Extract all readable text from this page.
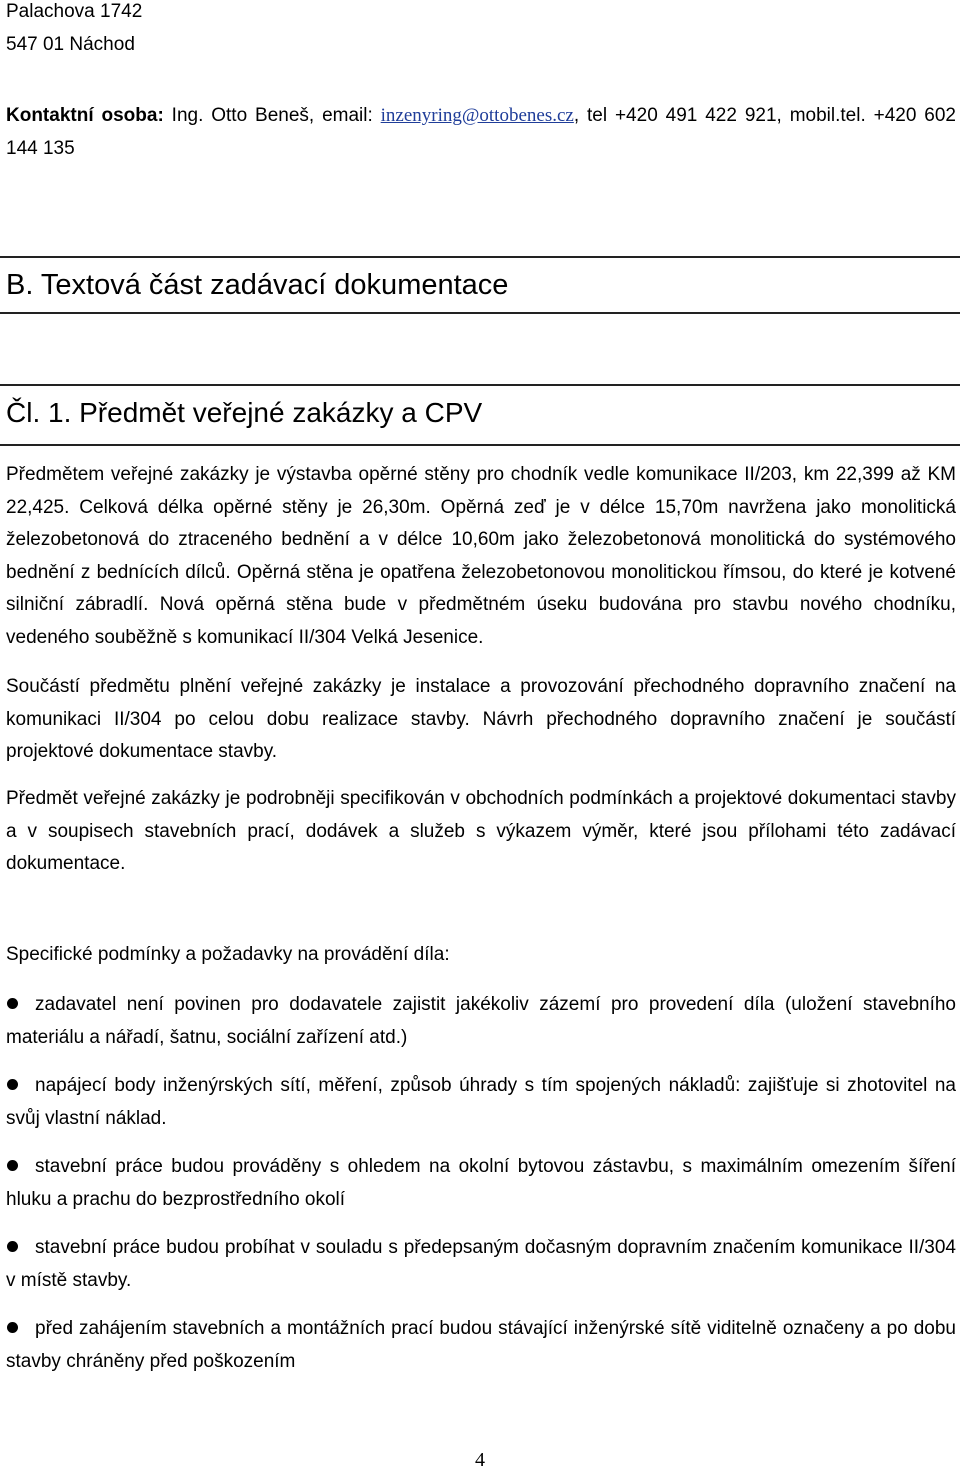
Palachova 1742
547 01 Náchod
Kontaktní osoba: Ing. Otto Beneš, email: inzenyring@ottobenes.cz, tel +420 491 422 921, mobil.tel. +420 602 144 135
B. Textová část zadávací dokumentace
Čl. 1. Předmět veřejné zakázky a CPV
Předmětem veřejné zakázky je výstavba opěrné stěny pro chodník vedle komunikace II/203, km 22,399 až KM 22,425. Celková délka opěrné stěny je 26,30m. Opěrná zeď je v délce 15,70m navržena jako monolitická železobetonová do ztraceného bednění a v délce 10,60m jako železobetonová monolitická do systémového bednění z bednících dílců. Opěrná stěna je opatřena železobetonovou monolitickou římsou, do které je kotvené silniční zábradlí. Nová opěrná stěna bude v předmětném úseku budována pro stavbu nového chodníku, vedeného souběžně s komunikací II/304 Velká Jesenice.
Součástí předmětu plnění veřejné zakázky je instalace a provozování přechodného dopravního značení na komunikaci II/304 po celou dobu realizace stavby. Návrh přechodného dopravního značení je součástí projektové dokumentace stavby.
Předmět veřejné zakázky je podrobněji specifikován v obchodních podmínkách a projektové dokumentaci stavby a v soupisech stavebních prací, dodávek a služeb s výkazem výměr, které jsou přílohami této zadávací dokumentace.
Specifické podmínky a požadavky na provádění díla:
zadavatel není povinen pro dodavatele zajistit jakékoliv zázemí pro provedení díla (uložení stavebního materiálu a nářadí, šatnu, sociální zařízení atd.)
napájecí body inženýrských sítí, měření, způsob úhrady s tím spojených nákladů: zajišťuje si zhotovitel na svůj vlastní náklad.
stavební práce budou prováděny s ohledem na okolní bytovou zástavbu, s maximálním omezením šíření hluku a prachu do bezprostředního okolí
stavební práce budou probíhat v souladu s předepsaným dočasným dopravním značením komunikace II/304 v místě stavby.
před zahájením stavebních a montážních prací budou stávající inženýrské sítě viditelně označeny a po dobu stavby chráněny před poškozením
4
